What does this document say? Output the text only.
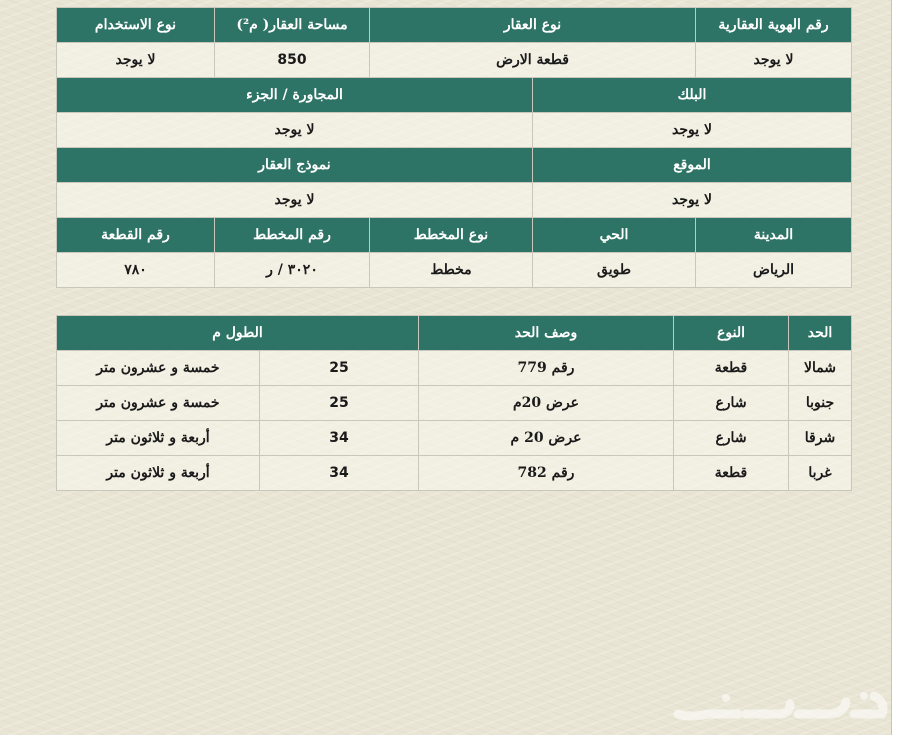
رقم الهوية العقارية	نوع العقار		مساحة العقار( م²)	نوع الاستخدام
لا يوجد	قطعة الارض		850	لا يوجد
البلك		المجاورة / الجزء		
لا يوجد		لا يوجد		
الموقع		نموذج العقار		
لا يوجد		لا يوجد		
المدينة	الحي	نوع المخطط	رقم المخطط	رقم القطعة
الرياض	طويق	مخطط	٣٠٢٠ / ر	٧٨٠
الحد	النوع	وصف الحد	الطول م	
شمالا	قطعة	رقم 779	25	خمسة و عشرون متر
جنوبا	شارع	عرض 20م	25	خمسة و عشرون متر
شرقا	شارع	عرض 20 م	34	أربعة و ثلاثون متر
غربا	قطعة	رقم 782	34	أربعة و ثلاثون متر
